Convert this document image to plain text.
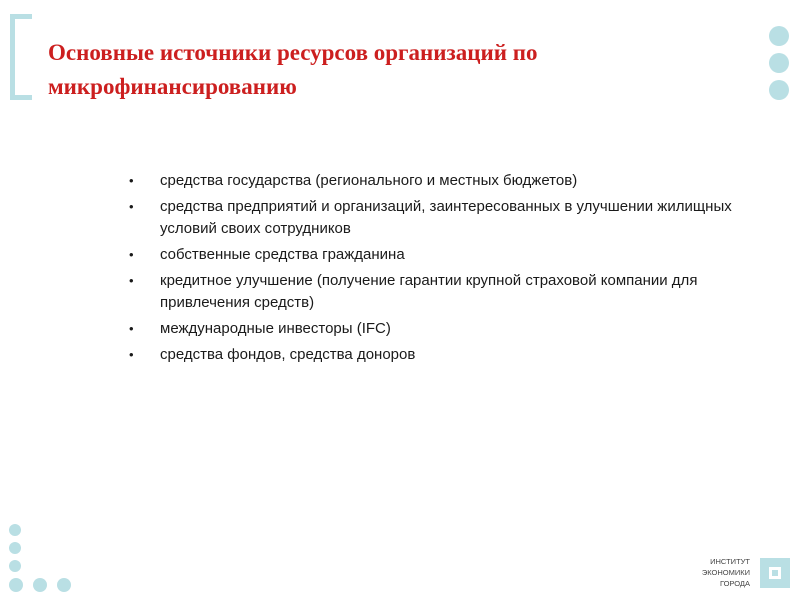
Основные источники ресурсов организаций по
микрофинансированию
• средства государства (регионального и местных бюджетов)
• средства предприятий и организаций, заинтересованных в улучшении жилищных условий своих сотрудников
• собственные средства гражданина
• кредитное улучшение (получение гарантии крупной страховой компании для привлечения средств)
• международные инвесторы (IFC)
• средства фондов, средства доноров
ИНСТИТУТ
ЭКОНОМИКИ
ГОРОДА
